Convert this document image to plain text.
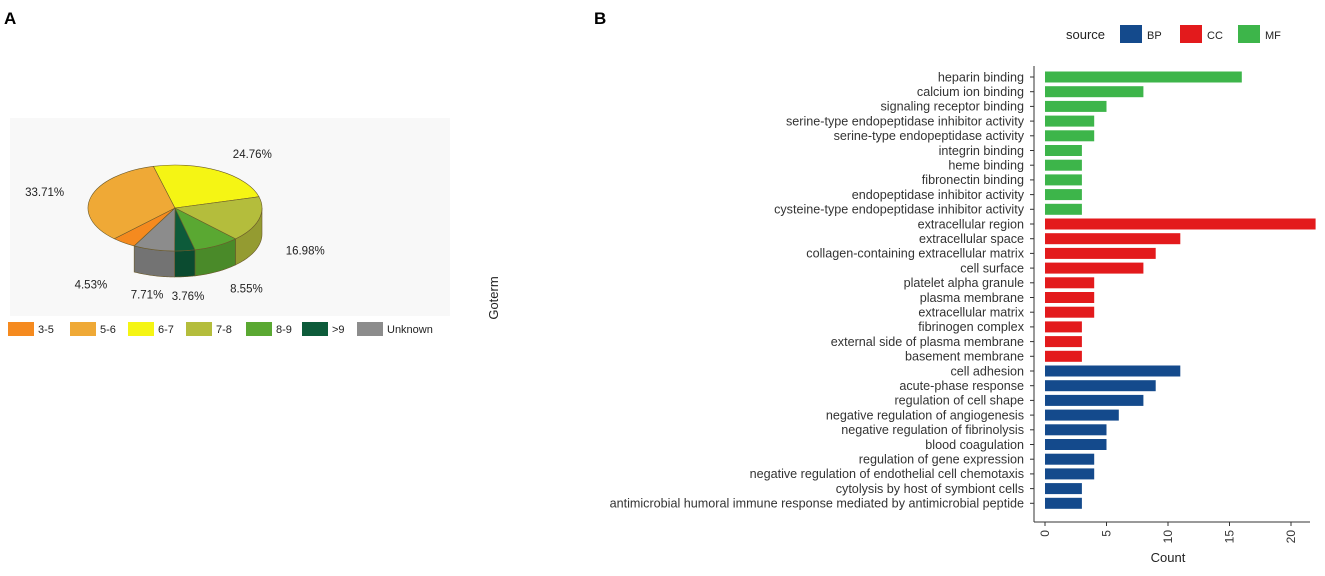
A	B
4.53%
33.71%
24.76%
16.98%
8.55%
3.76%
7.71%
3-5	5-6	6-7	7-8	8-9	>9	Unknown
source	BP	CC	MF
heparin binding
calcium ion binding
signaling receptor binding
serine-type endopeptidase inhibitor activity
serine-type endopeptidase activity
integrin binding
heme binding
fibronectin binding
endopeptidase inhibitor activity
cysteine-type endopeptidase inhibitor activity
extracellular region
extracellular space
collagen-containing extracellular matrix
cell surface
platelet alpha granule
plasma membrane
extracellular matrix
fibrinogen complex
external side of plasma membrane
basement membrane
cell adhesion
acute-phase response
regulation of cell shape
negative regulation of angiogenesis
negative regulation of fibrinolysis
blood coagulation
regulation of gene expression
negative regulation of endothelial cell chemotaxis
cytolysis by host of symbiont cells
antimicrobial humoral immune response mediated by antimicrobial peptide
0	5	10	15	20
Count
Goterm
